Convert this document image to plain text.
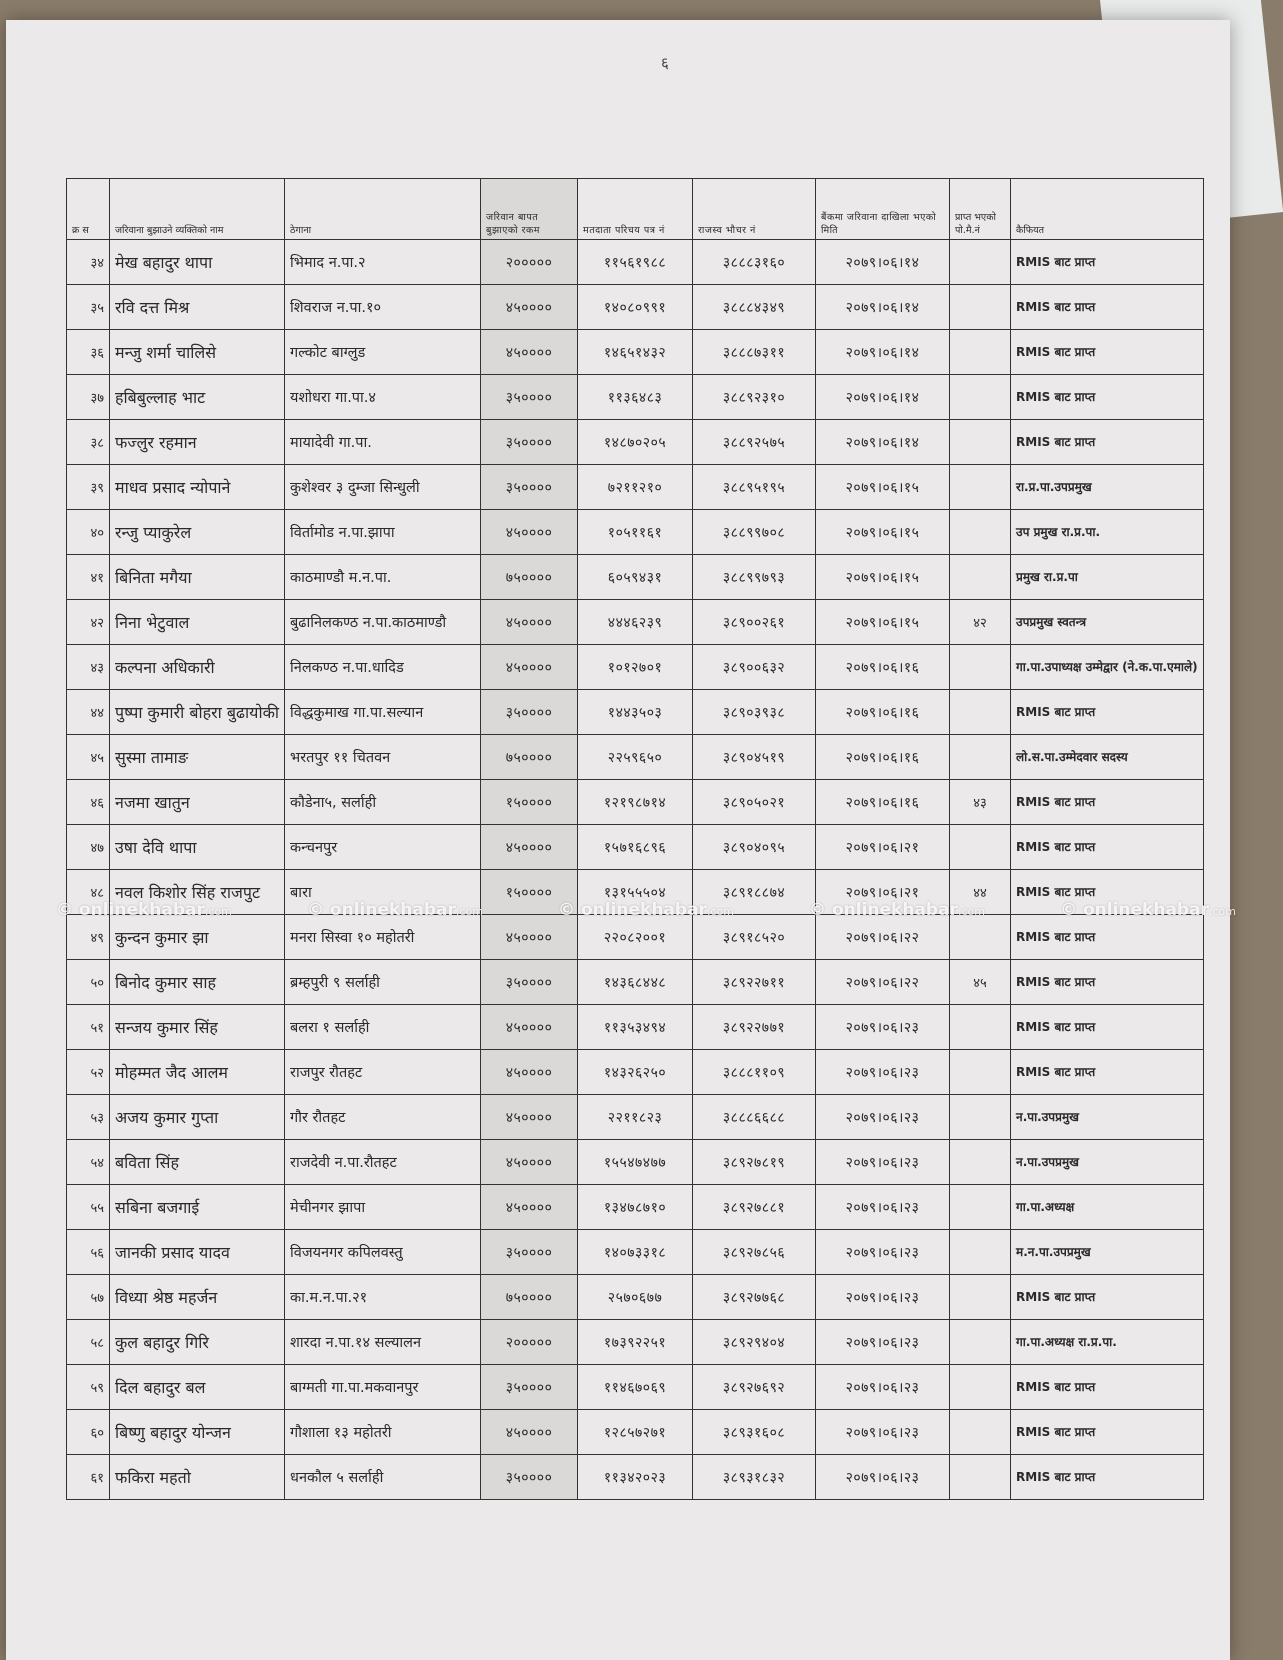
६
क्र स	जरिवाना बुझाउने व्यक्तिको नाम	ठेगाना	जरिवान बापत बुझाएको रकम	मतदाता परिचय पत्र नं	राजस्व भौचर नं	बैंकमा जरिवाना दाखिला भएको मिति	प्राप्त भएको पो.मै.नं	कैफियत
३४	मेख बहादुर थापा	भिमाद न.पा.२	२०००००	११५६१९८८	३८८८३१६०	२०७९।०६।१४		RMIS बाट प्राप्त
३५	रवि दत्त मिश्र	शिवराज न.पा.१०	४५००००	१४०८०९९१	३८८८४३४९	२०७९।०६।१४		RMIS बाट प्राप्त
३६	मन्जु शर्मा चालिसे	गल्कोट बाग्लुड	४५००००	१४६५१४३२	३८८८७३११	२०७९।०६।१४		RMIS बाट प्राप्त
३७	हबिबुल्लाह भाट	यशोधरा गा.पा.४	३५००००	११३६४८३	३८८९२३१०	२०७९।०६।१४		RMIS बाट प्राप्त
३८	फज्लुर रहमान	मायादेवी गा.पा.	३५००००	१४८७०२०५	३८८९२५७५	२०७९।०६।१४		RMIS बाट प्राप्त
३९	माधव प्रसाद न्योपाने	कुशेश्वर ३ दुम्जा सिन्धुली	३५००००	७२११२१०	३८८९५१९५	२०७९।०६।१५		रा.प्र.पा.उपप्रमुख
४०	रन्जु प्याकुरेल	विर्तामोड न.पा.झापा	४५००००	१०५११६१	३८८९९७०८	२०७९।०६।१५		उप प्रमुख रा.प्र.पा.
४१	बिनिता मगैया	काठमाण्डौ म.न.पा.	७५००००	६०५९४३१	३८८९९७९३	२०७९।०६।१५		प्रमुख रा.प्र.पा
४२	निना भेटुवाल	बुढानिलकण्ठ न.पा.काठमाण्डौ	४५००००	४४४६२३९	३८९००२६१	२०७९।०६।१५	४२	उपप्रमुख स्वतन्त्र
४३	कल्पना अधिकारी	निलकण्ठ न.पा.धादिड	४५००००	१०१२७०१	३८९००६३२	२०७९।०६।१६		गा.पा.उपाध्यक्ष उम्मेद्वार (ने.क.पा.एमाले)
४४	पुष्पा कुमारी बोहरा बुढायोकी	विद्धकुमाख गा.पा.सल्यान	३५००००	१४४३५०३	३८९०३९३८	२०७९।०६।१६		RMIS बाट प्राप्त
४५	सुस्मा तामाङ	भरतपुर ११ चितवन	७५००००	२२५९६५०	३८९०४५१९	२०७९।०६।१६		लो.स.पा.उम्मेदवार सदस्य
४६	नजमा खातुन	कौडेना५, सर्लाही	१५००००	१२१९८७१४	३८९०५०२१	२०७९।०६।१६	४३	RMIS बाट प्राप्त
४७	उषा देवि थापा	कन्चनपुर	४५००००	१५७१६८९६	३८९०४०९५	२०७९।०६।२१		RMIS बाट प्राप्त
४८	नवल किशोर सिंह राजपुट	बारा	१५००००	१३१५५५०४	३८९१८८७४	२०७९।०६।२१	४४	RMIS बाट प्राप्त
४९	कुन्दन कुमार झा	मनरा सिस्वा १० महोतरी	४५००००	२२०८२००१	३८९१८५२०	२०७९।०६।२२		RMIS बाट प्राप्त
५०	बिनोद कुमार साह	ब्रम्हपुरी ९ सर्लाही	३५००००	१४३६८४४८	३८९२२७११	२०७९।०६।२२	४५	RMIS बाट प्राप्त
५१	सन्जय कुमार सिंह	बलरा १ सर्लाही	४५००००	११३५३४९४	३८९२२७७१	२०७९।०६।२३		RMIS बाट प्राप्त
५२	मोहम्मत जैद आलम	राजपुर रौतहट	४५००००	१४३२६२५०	३८८८११०९	२०७९।०६।२३		RMIS बाट प्राप्त
५३	अजय कुमार गुप्ता	गौर रौतहट	४५००००	२२११८२३	३८८८६६८८	२०७९।०६।२३		न.पा.उपप्रमुख
५४	बविता सिंह	राजदेवी न.पा.रौतहट	४५००००	१५५४७४७७	३८९२७८१९	२०७९।०६।२३		न.पा.उपप्रमुख
५५	सबिना बजगाई	मेचीनगर झापा	४५००००	१३४७८७१०	३८९२७८८१	२०७९।०६।२३		गा.पा.अध्यक्ष
५६	जानकी प्रसाद यादव	विजयनगर कपिलवस्तु	३५००००	१४०७३३१८	३८९२७८५६	२०७९।०६।२३		म.न.पा.उपप्रमुख
५७	विध्या श्रेष्ठ महर्जन	का.म.न.पा.२१	७५००००	२५७०६७७	३८९२७७६८	२०७९।०६।२३		RMIS बाट प्राप्त
५८	कुल बहादुर गिरि	शारदा न.पा.१४ सल्यालन	२०००००	१७३९२२५१	३८९२९४०४	२०७९।०६।२३		गा.पा.अध्यक्ष रा.प्र.पा.
५९	दिल बहादुर बल	बाग्मती गा.पा.मकवानपुर	३५००००	११४६७०६९	३८९२७६९२	२०७९।०६।२३		RMIS बाट प्राप्त
६०	बिष्णु बहादुर योन्जन	गौशाला १३ महोतरी	४५००००	१२८५७२७१	३८९३१६०८	२०७९।०६।२३		RMIS बाट प्राप्त
६१	फकिरा महतो	धनकौल ५ सर्लाही	३५००००	११३४२०२३	३८९३१८३२	२०७९।०६।२३		RMIS बाट प्राप्त
© onlinekhabar.com	© onlinekhabar.com	© onlinekhabar.com	© onlinekhabar.com	© onlinekhabar.com
